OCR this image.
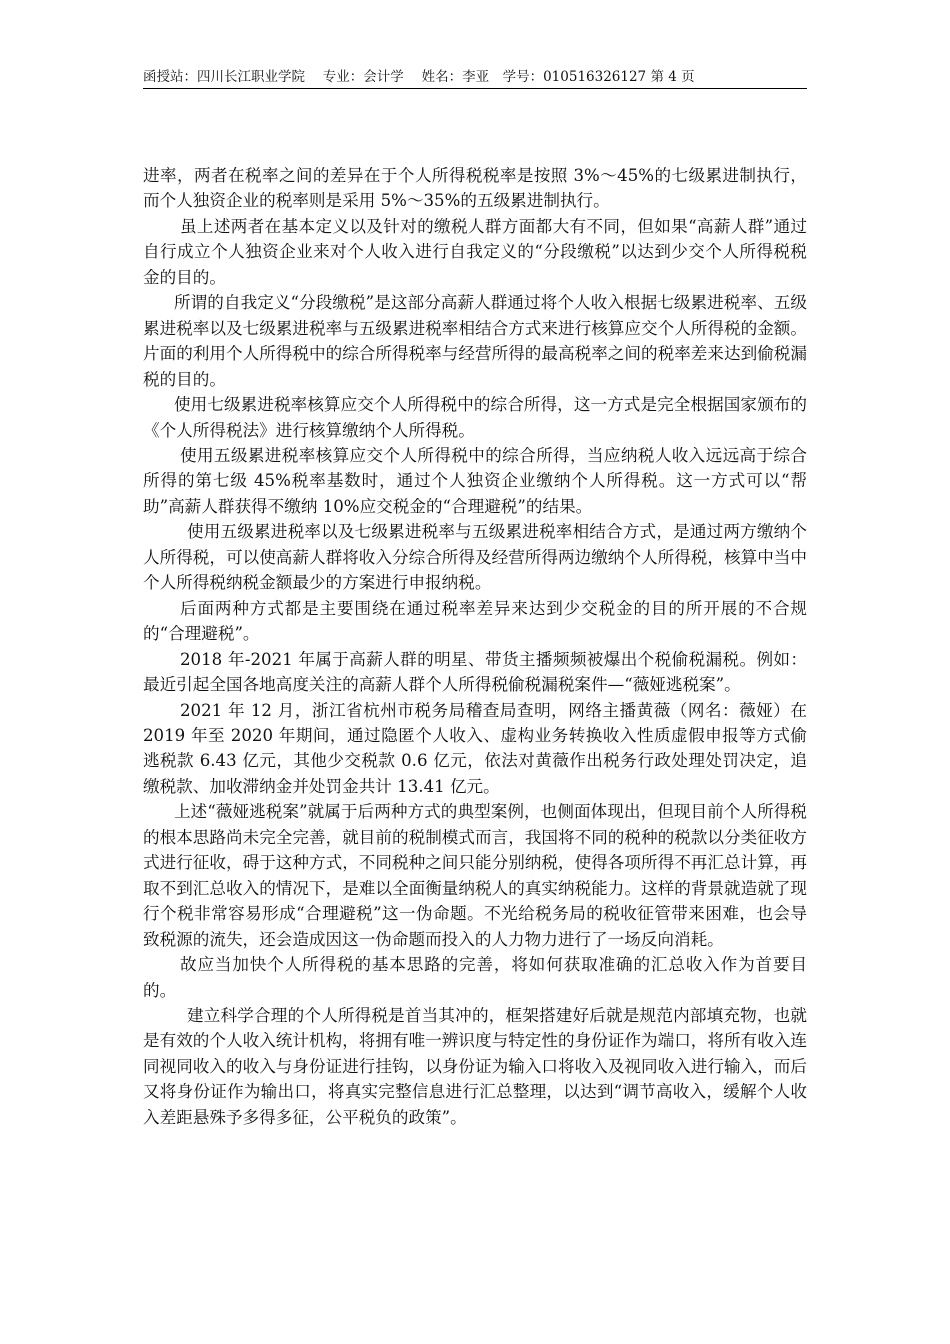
函授站：四川长江职业学院　 专业：会计学　 姓名：李亚　学号：010516326127 第 4 页

进率，两者在税率之间的差异在于个人所得税税率是按照 3%～45%的七级累进制执行，而个人独资企业的税率则是采用 5%～35%的五级累进制执行。

虽上述两者在基本定义以及针对的缴税人群方面都大有不同，但如果“高薪人群”通过自行成立个人独资企业来对个人收入进行自我定义的“分段缴税”以达到少交个人所得税税金的目的。

所谓的自我定义“分段缴税”是这部分高薪人群通过将个人收入根据七级累进税率、五级累进税率以及七级累进税率与五级累进税率相结合方式来进行核算应交个人所得税的金额。片面的利用个人所得税中的综合所得税率与经营所得的最高税率之间的税率差来达到偷税漏税的目的。

使用七级累进税率核算应交个人所得税中的综合所得，这一方式是完全根据国家颁布的《个人所得税法》进行核算缴纳个人所得税。

使用五级累进税率核算应交个人所得税中的综合所得，当应纳税人收入远远高于综合所得的第七级 45%税率基数时，通过个人独资企业缴纳个人所得税。这一方式可以“帮助”高薪人群获得不缴纳 10%应交税金的“合理避税”的结果。

使用五级累进税率以及七级累进税率与五级累进税率相结合方式，是通过两方缴纳个人所得税，可以使高薪人群将收入分综合所得及经营所得两边缴纳个人所得税，核算中当中个人所得税纳税金额最少的方案进行申报纳税。

后面两种方式都是主要围绕在通过税率差异来达到少交税金的目的所开展的不合规的“合理避税”。

2018 年-2021 年属于高薪人群的明星、带货主播频频被爆出个税偷税漏税。例如：最近引起全国各地高度关注的高薪人群个人所得税偷税漏税案件—“薇娅逃税案”。

2021 年 12 月，浙江省杭州市税务局稽查局查明，网络主播黄薇（网名：薇娅）在 2019 年至 2020 年期间，通过隐匿个人收入、虚构业务转换收入性质虚假申报等方式偷逃税款 6.43 亿元，其他少交税款 0.6 亿元，依法对黄薇作出税务行政处理处罚决定，追缴税款、加收滞纳金并处罚金共计 13.41 亿元。

上述“薇娅逃税案”就属于后两种方式的典型案例，也侧面体现出，但现目前个人所得税的根本思路尚未完全完善，就目前的税制模式而言，我国将不同的税种的税款以分类征收方式进行征收，碍于这种方式，不同税种之间只能分别纳税，使得各项所得不再汇总计算，再取不到汇总收入的情况下，是难以全面衡量纳税人的真实纳税能力。这样的背景就造就了现行个税非常容易形成“合理避税”这一伪命题。不光给税务局的税收征管带来困难，也会导致税源的流失，还会造成因这一伪命题而投入的人力物力进行了一场反向消耗。

故应当加快个人所得税的基本思路的完善，将如何获取准确的汇总收入作为首要目的。

建立科学合理的个人所得税是首当其冲的，框架搭建好后就是规范内部填充物，也就是有效的个人收入统计机构，将拥有唯一辨识度与特定性的身份证作为端口，将所有收入连同视同收入的收入与身份证进行挂钩，以身份证为输入口将收入及视同收入进行输入，而后又将身份证作为输出口，将真实完整信息进行汇总整理，以达到“调节高收入，缓解个人收入差距悬殊予多得多征，公平税负的政策”。
